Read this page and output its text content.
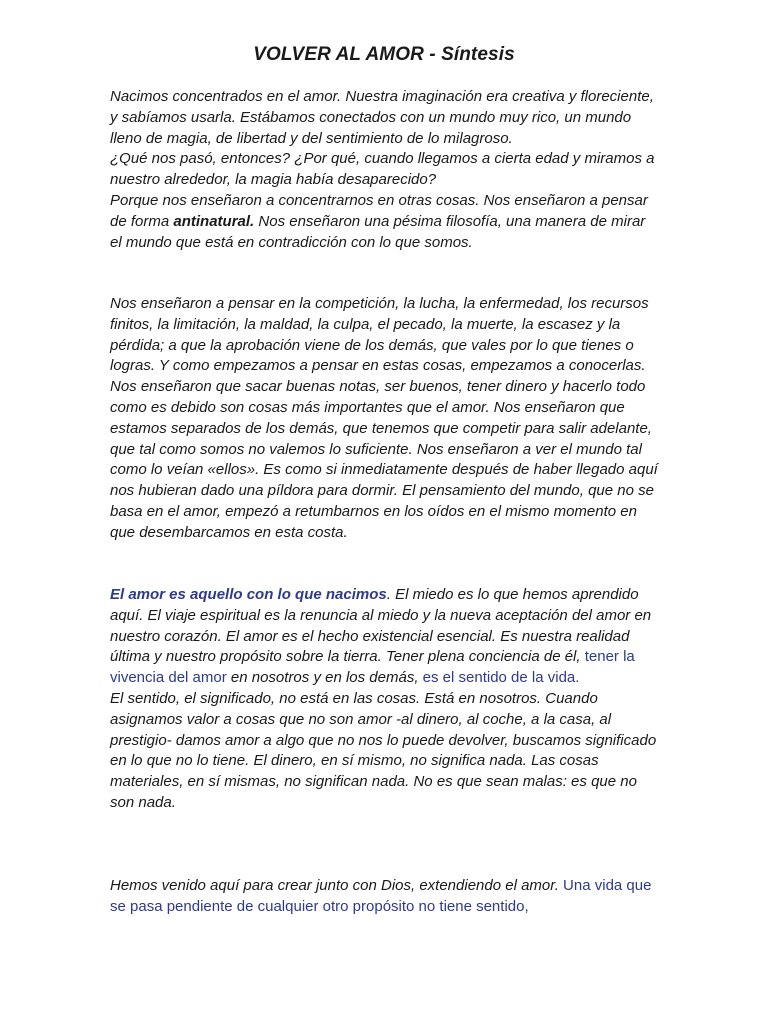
VOLVER AL AMOR - Síntesis

Nacimos concentrados en el amor. Nuestra imaginación era creativa y floreciente, y sabíamos usarla. Estábamos conectados con un mundo muy rico, un mundo lleno de magia, de libertad y del sentimiento de lo milagroso.

¿Qué nos pasó, entonces? ¿Por qué, cuando llegamos a cierta edad y miramos a nuestro alrededor, la magia había desaparecido?

Porque nos enseñaron a concentrarnos en otras cosas. Nos enseñaron a pensar de forma antinatural. Nos enseñaron una pésima filosofía, una manera de mirar el mundo que está en contradicción con lo que somos.

Nos enseñaron a pensar en la competición, la lucha, la enfermedad, los recursos finitos, la limitación, la maldad, la culpa, el pecado, la muerte, la escasez y la pérdida; a que la aprobación viene de los demás, que vales por lo que tienes o logras. Y como empezamos a pensar en estas cosas, empezamos a conocerlas. Nos enseñaron que sacar buenas notas, ser buenos, tener dinero y hacerlo todo como es debido son cosas más importantes que el amor. Nos enseñaron que estamos separados de los demás, que tenemos que competir para salir adelante, que tal como somos no valemos lo suficiente. Nos enseñaron a ver el mundo tal como lo veían «ellos». Es como si inmediatamente después de haber llegado aquí nos hubieran dado una píldora para dormir. El pensamiento del mundo, que no se basa en el amor, empezó a retumbarnos en los oídos en el mismo momento en que desembarcamos en esta costa.

El amor es aquello con lo que nacimos. El miedo es lo que hemos aprendido aquí. El viaje espiritual es la renuncia al miedo y la nueva aceptación del amor en nuestro corazón. El amor es el hecho existencial esencial. Es nuestra realidad última y nuestro propósito sobre la tierra. Tener plena conciencia de él, tener la vivencia del amor en nosotros y en los demás, es el sentido de la vida.

El sentido, el significado, no está en las cosas. Está en nosotros. Cuando asignamos valor a cosas que no son amor -al dinero, al coche, a la casa, al prestigio- damos amor a algo que no nos lo puede devolver, buscamos significado en lo que no lo tiene. El dinero, en sí mismo, no significa nada. Las cosas materiales, en sí mismas, no significan nada. No es que sean malas: es que no son nada.

Hemos venido aquí para crear junto con Dios, extendiendo el amor. Una vida que se pasa pendiente de cualquier otro propósito no tiene sentido,
